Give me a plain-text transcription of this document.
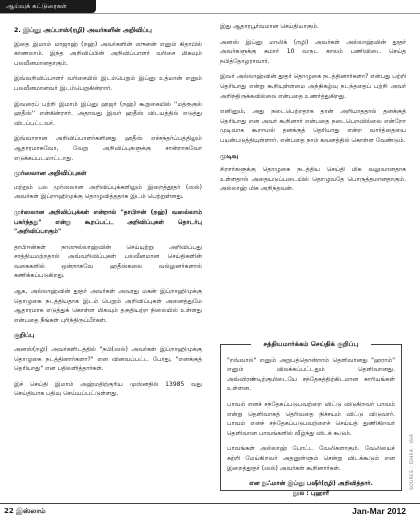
ஆய்வுக் கட்டுரைகள்
2. இப்னு அப்பாஸ்(ரழி) அவர்களின் அறிவிப்பு

இதை இமாம் மாஜாஹ் (றஹ்) அவர்களின் ஸுனன் எனும் கிதாபில் காணலாம். இந்த அறிவிப்பின் அறிவிப்பாளர் வரிசை மிகவும் பலவீனமானதாகும்.

இவ்வறிவிப்பாளர் வரிசையில் இடம்பெறும் இப்னு உத்மான் எனும் பலவீனமானவர் இடம்பெறுகின்றார்.

இவரைப் பற்றி இமாம் இப்னு ஹஜர் (றஹ்) கூறுகையில் ''மத்ரூகுல் ஹதீஸ்'' என்கின்றார். அதாவது இவர் ஹதீஸ் விடயத்தில் எடுத்து விடப்பட்டவர்.

இவ்வாறான அறிவிப்பாளர்களினது ஹதீஸ் எச்சந்தர்ப்பத்திலும் ஆதாரமாகவோ, வேறு அறிவிப்புகளுக்கு சான்றாகவோ எடுக்கப்படமாட்டாது.

முர்ஸலான அறிவிப்புகள்

மற்றும் பல முர்ஸலான அறிவிப்புக்களிலும் இறைத்தூதர் (ஸல்) அவர்கள் இப்றாஹிமுக்கு தொழுவித்ததாக இடம் பெற்றுள்ளது.

முர்ஸலான அறிவிப்புக்கள் என்றால் "தாபிஈன் (றஹ்) வஸல்லாம் பகர்ந்தது" என்று கூறப்பட்ட அறிவிப்புகள் தொடர்பு "அறிவிப்பாகும்"

தாபிஈன்கள் நாஸுல்லாஹ்வின் செய்யுற்று அறிவிப்பது சாத்தியமற்றதால் அவ்வறிவிப்புகள் பலவீனமான செய்திகளின் வகைகளில் ஒன்றாகவே ஹதீஸ்கலை வல்லுனர்களால் கணிக்கப்படுகிறது.

ஆக, அல்லாஹ்வின் தூதர் அவர்கள் அவரது மகன் இப்றாஹிமுக்கு தொழுகை நடத்தியதாக இடம் பெறும் அறிவிப்புகள் அனைத்துமே ஆதாரமாக எடுத்துக் கொள்ள மிகவும் தகுதியற்ற நிலையில் உள்ளது என்பதை நீங்கள் புரிந்திருப்பீர்கள்.

குறிப்பு

அனஸ்(றழி) அவர்களிடத்தில் "நபி(ஸல்) அவர்கள் இப்றாஹிமுக்கு தொழுகை நடத்தினார்களா?" என வினவப்பட்ட போது, "எனக்குத் தெரியாது" என பதிலளித்தார்கள்.

இச் செய்தி இமாம் அஹ்மதிற்குரிய முஸ்னதில் 13985 வது செய்தியாக பதிவு செய்யப்பட்டுள்ளது.

இது ஆதாரபூர்வமான செய்தியாகும்.

அனஸ் இப்னு மாலிக் (றழி) அவர்கள் அல்லாஹ்வின் தூதர் அவர்களுக்கு சுமார் 10 வருட காலம் பணிவிடை செய்த நபித்தோழராவார்.

இவர் அல்லாஹ்வின் தூதர் தொழுகை நடத்தினார்களா? என்பது பற்றி தெரியாது என்று கூறியுள்ளமை அந்நிகழ்வு நடந்ததைப் பற்றி அவர் அறிந்திருக்கவில்லை என்பதை உணர்த்துகிறது.

எனினும், அது நடைபெற்றதாக தான் அறியாததால் தனக்குத் தெரியாது என அவர் கூறினார் என்பதை நடைபெறவில்லை என்றோ முடிவாக கூறாமல் தனக்குத் தெரியாது என்ற வார்த்தையை பயன்படுத்தியுள்ளார். என்பதை நாம் கவனத்தில் கொள்ள வேண்டும்.

முடிவு

சிறார்களுக்கு தொழுகை நடத்திய செய்தி மிக வலுவானதாக உள்ளதால் அதையடுப்படையில் தொழுவதே பொருத்தமானதாகும். அல்லாஹ் மிக அறிந்தவன்.

சத்தியமார்க்கம் செய்திக் குறிப்பு

"றவ்வால்" எனும் அறுபத்தொன்றாம் தெளிவானது "ஹராம்" எனும் விலக்கப்பட்டதும் தெளிவானது. அவ்விரண்டிற்குமிடையே சந்தேகத்திற்கிடமான காரியங்கள் உள்ளன.

பாவம் எனச் சந்தேகப்படுபவற்றை விட்டு விடுகிறவர் பாவம் என்று தெளிவாகத் தெரிவதை நிச்சயம் விட்டு விடுவார். பாவம் எனச் சந்தேகப்படுபவற்றைச் செய்யத் துணிகிறவர் தெளிவான பாவங்களில் வீழ்ந்து விடக் கூடும்.

பாவங்கள் அல்லாஹ் போட்ட வேலிகளாகும். வேலியைச் சுற்றி மேய்கிறவர் அதனுள்ளும் சென்று விடக்கூடும் என இறைத்தூதர் (ஸல்) அவர்கள் கூறினார்கள்.

என நுஃமான் இப்னு பஷீர்(ரழி) அறிவித்தார்.

நூல் : புஹாரீ

SOURCE : IDHEA · ISIA
22 இஸ்லாம்	Jan-Mar 2012
